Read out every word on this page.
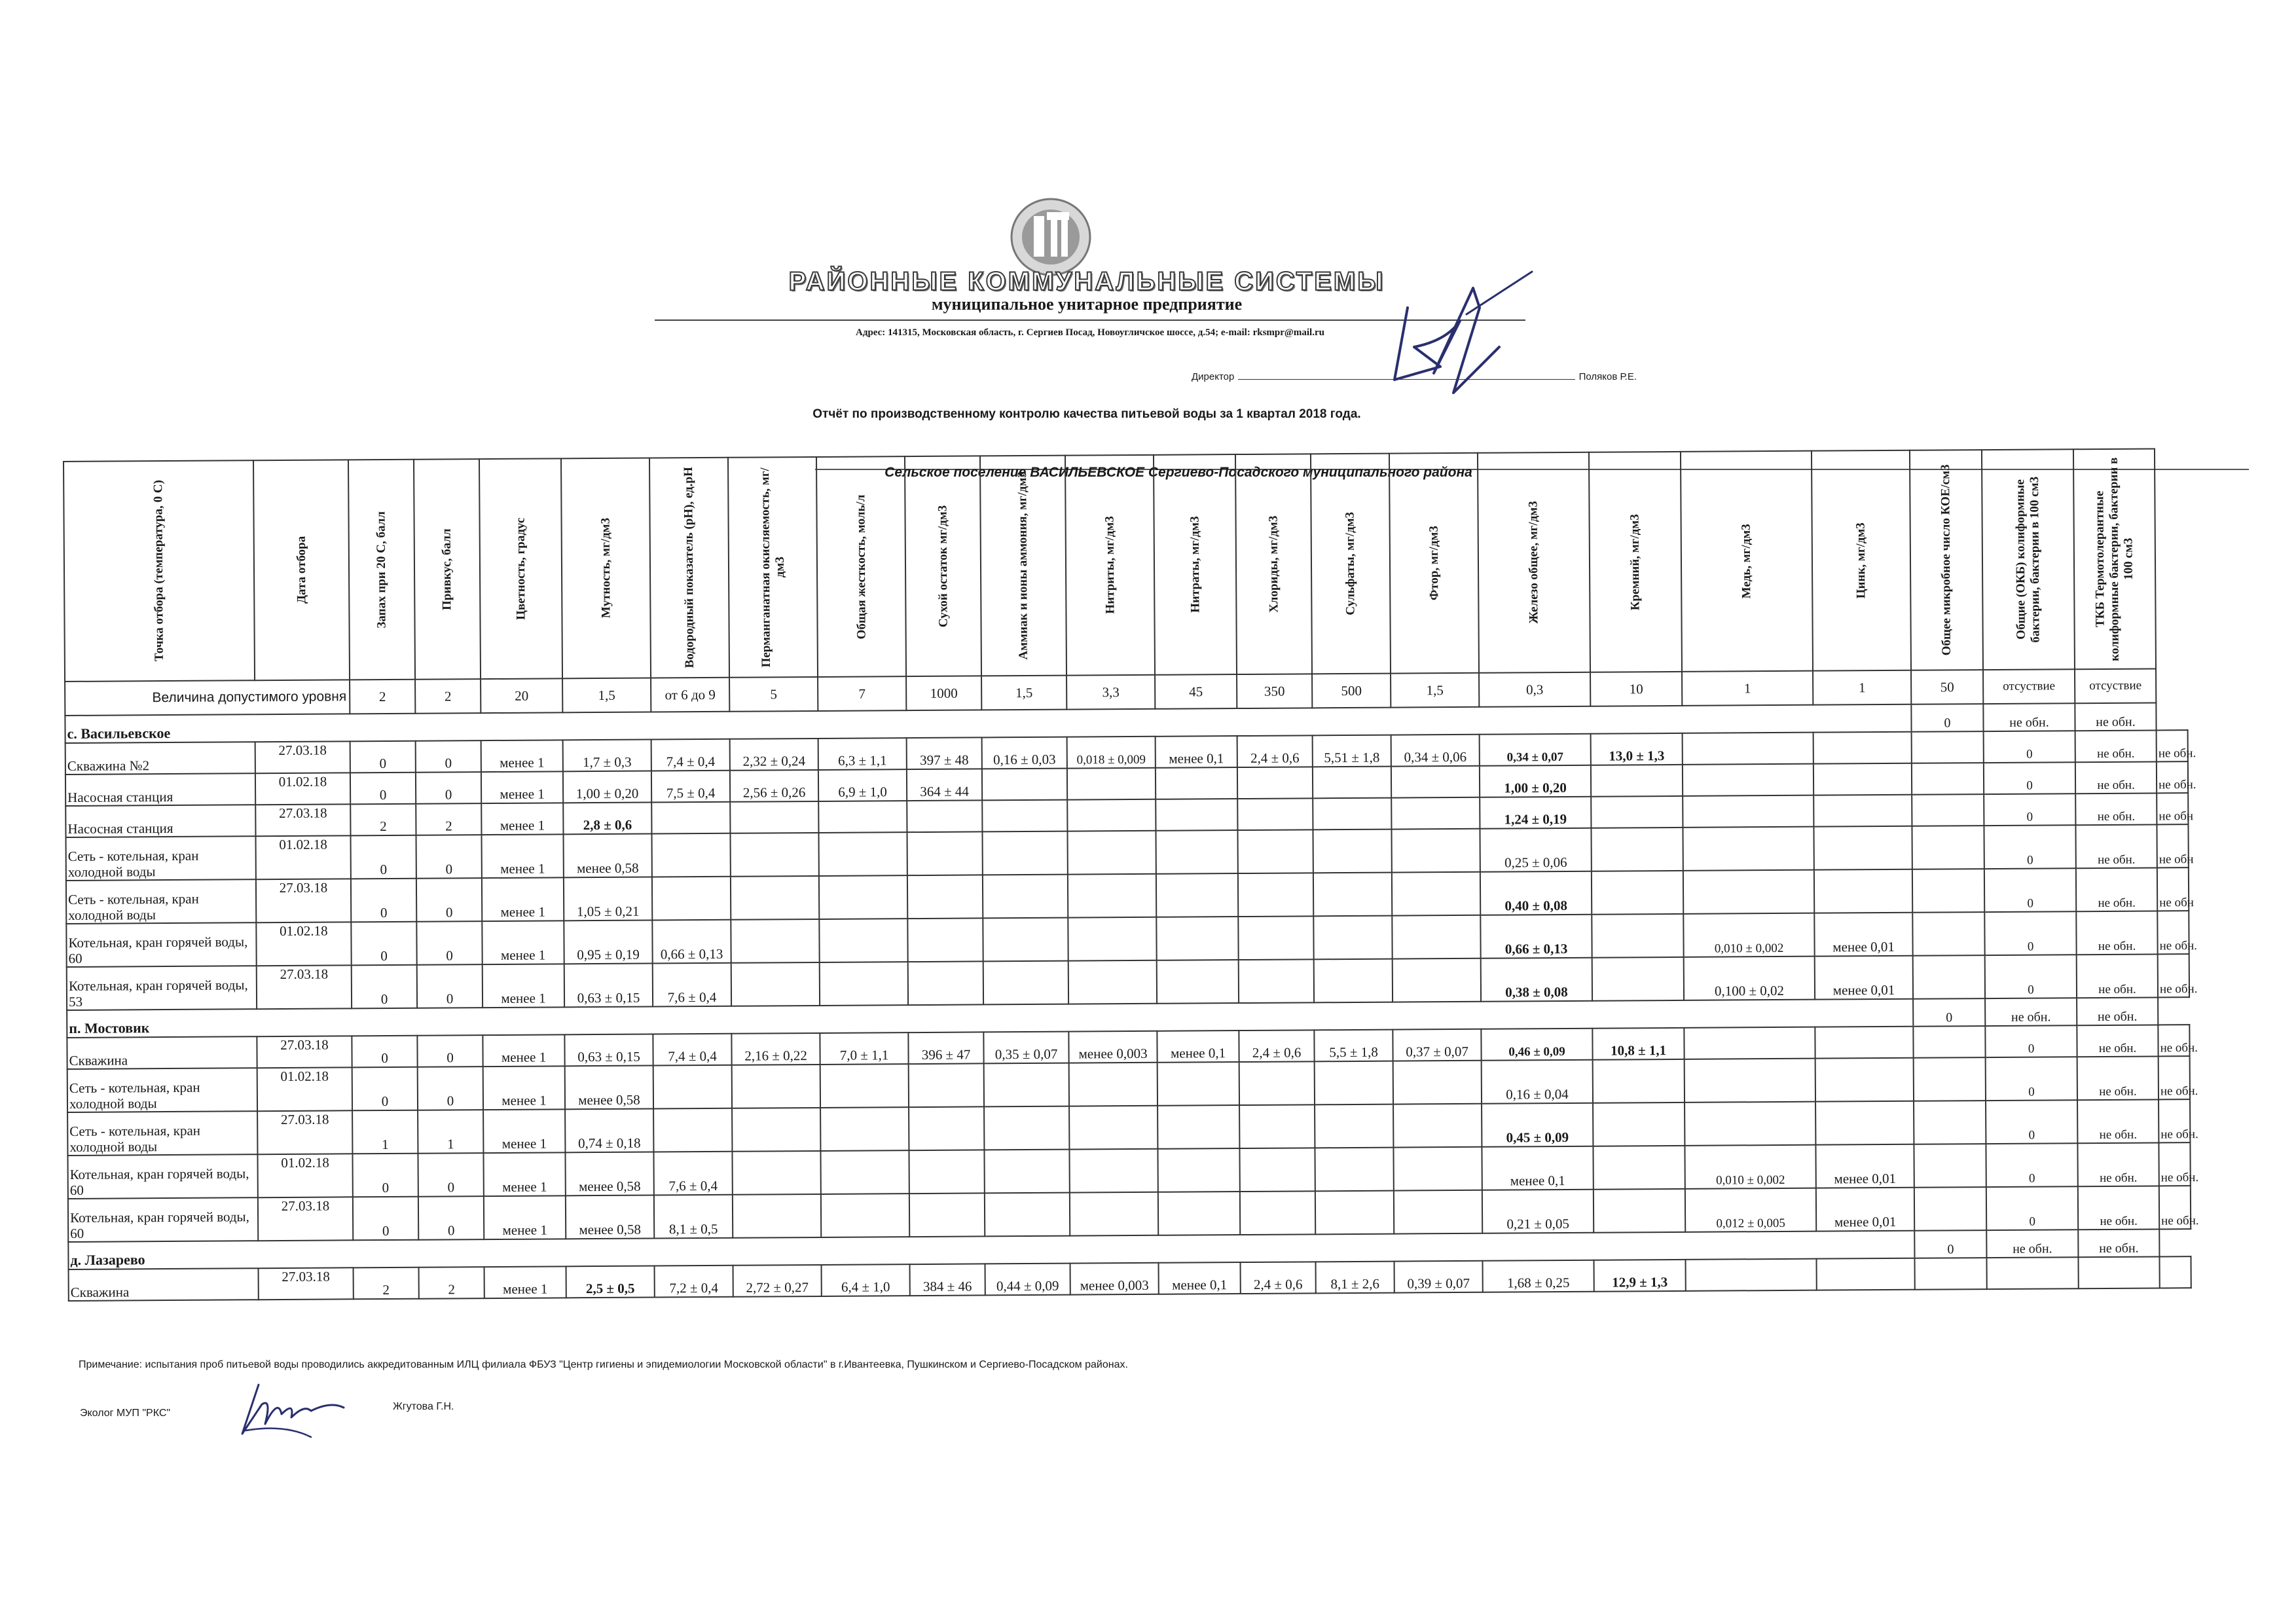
РАЙОННЫЕ КОММУНАЛЬНЫЕ СИСТЕМЫ
муниципальное унитарное предприятие
Адрес: 141315, Московская область, г. Сергиев Посад, Новоугличское шоссе, д.54; e-mail: rksmpr@mail.ru
Директор	Поляков Р.Е.
Отчёт по производственному контролю качества питьевой воды за 1 квартал 2018 года.
Сельское поселение ВАСИЛЬЕВСКОЕ Сергиево-Посадского муниципального района
Точка отбора (температура, 0 С)	Дата отбора	Запах при 20 С, балл	Привкус, балл	Цветность, градус	Мутность, мг/дм3	Водородный показатель (pH), ед.pH	Перманганатная окисляемость, мг/дм3	Общая жесткость, моль/л	Сухой остаток мг/дм3	Аммиак и ионы аммония, мг/дм3	Нитриты, мг/дм3	Нитраты, мг/дм3	Хлориды, мг/дм3	Сульфаты, мг/дм3	Фтор, мг/дм3	Железо общее, мг/дм3	Кремний, мг/дм3	Медь, мг/дм3	Цинк, мг/дм3	Общее микробное число КОЕ/см3	Общие (ОКБ) колиформные бактерии, бактерии в 100 см3	ТКБ Термотолерантные колиформные бактерии, бактерии в 100 см3	

Величина допустимого уровня		2	2	20	1,5	от 6 до 9	5	7	1000	1,5	3,3	45	350	500	1,5	0,3	10	1	1	50	отсуствие	отсуствие	
с. Васильевское																				0	не обн.	не обн.	
Скважина №2	27.03.18	0	0	менее 1	1,7 ± 0,3	7,4 ± 0,4	2,32 ± 0,24	6,3 ± 1,1	397 ± 48	0,16 ± 0,03	0,018 ± 0,009	менее 0,1	2,4 ± 0,6	5,51 ± 1,8	0,34 ± 0,06	0,34 ± 0,07	13,0 ± 1,3				0	не обн.	не обн.
Насосная станция	01.02.18	0	0	менее 1	1,00 ± 0,20	7,5 ± 0,4	2,56 ± 0,26	6,9 ± 1,0	364 ± 44							1,00 ± 0,20					0	не обн.	не обн.
Насосная станция	27.03.18	2	2	менее 1	2,8 ± 0,6											1,24 ± 0,19					0	не обн.	не обн
Сеть - котельная, кран холодной воды	01.02.18	0	0	менее 1	менее 0,58											0,25 ± 0,06					0	не обн.	не обн
Сеть - котельная, кран холодной воды	27.03.18	0	0	менее 1	1,05 ± 0,21											0,40 ± 0,08					0	не обн.	не обн
Котельная, кран горячей воды, 60	01.02.18	0	0	менее 1	0,95 ± 0,19	0,66 ± 0,13										0,66 ± 0,13		0,010 ± 0,002	менее 0,01		0	не обн.	не обн.
Котельная, кран горячей воды, 53	27.03.18	0	0	менее 1	0,63 ± 0,15	7,6 ± 0,4										0,38 ± 0,08		0,100 ± 0,02	менее 0,01		0	не обн.	не обн.
п. Мостовик																				0	не обн.	не обн.	
Скважина	27.03.18	0	0	менее 1	0,63 ± 0,15	7,4 ± 0,4	2,16 ± 0,22	7,0 ± 1,1	396 ± 47	0,35 ± 0,07	менее 0,003	менее 0,1	2,4 ± 0,6	5,5 ± 1,8	0,37 ± 0,07	0,46 ± 0,09	10,8 ± 1,1				0	не обн.	не обн.
Сеть - котельная, кран холодной воды	01.02.18	0	0	менее 1	менее 0,58											0,16 ± 0,04					0	не обн.	не обн.
Сеть - котельная, кран холодной воды	27.03.18	1	1	менее 1	0,74 ± 0,18											0,45 ± 0,09					0	не обн.	не обн.
Котельная, кран горячей воды, 60	01.02.18	0	0	менее 1	менее 0,58	7,6 ± 0,4										менее 0,1		0,010 ± 0,002	менее 0,01		0	не обн.	не обн.
Котельная, кран горячей воды, 60	27.03.18	0	0	менее 1	менее 0,58	8,1 ± 0,5										0,21 ± 0,05		0,012 ± 0,005	менее 0,01		0	не обн.	не обн.
д. Лазарево																				0	не обн.	не обн.	
Скважина	27.03.18	2	2	менее 1	2,5 ± 0,5	7,2 ± 0,4	2,72 ± 0,27	6,4 ± 1,0	384 ± 46	0,44 ± 0,09	менее 0,003	менее 0,1	2,4 ± 0,6	8,1 ± 2,6	0,39 ± 0,07	1,68 ± 0,25	12,9 ± 1,3						
Примечание: испытания проб питьевой воды проводились аккредитованным ИЛЦ филиала ФБУЗ "Центр гигиены и эпидемиологии Московской области" в г.Ивантеевка, Пушкинском и Сергиево-Посадском районах.
Эколог МУП "РКС"
Жгутова Г.Н.
